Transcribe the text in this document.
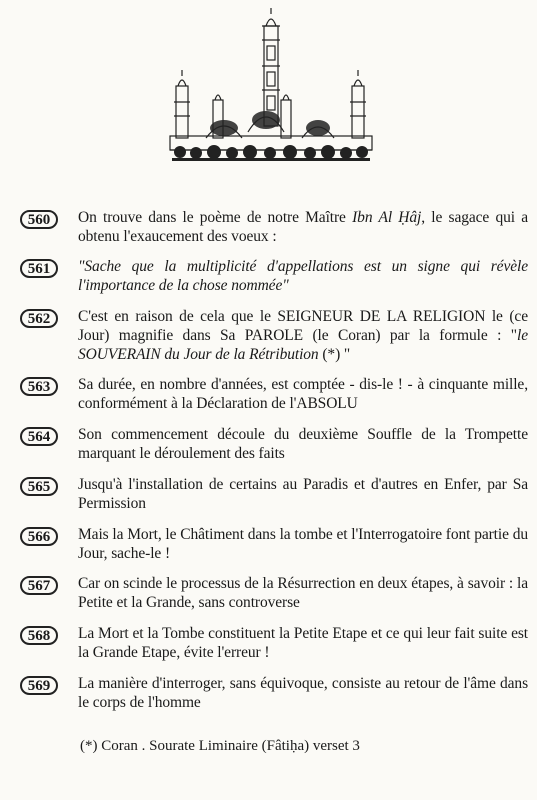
560	On trouve dans le poème de notre Maître Ibn Al Ḥâj, le sagace qui a obtenu l'exaucement des voeux :
561	"Sache que la multiplicité d'appellations est un signe qui révèle l'importance de la chose nommée"
562	C'est en raison de cela que le SEIGNEUR DE LA RELIGION le (ce Jour) magnifie dans Sa PAROLE (le Coran) par la formule : "le SOUVERAIN du Jour de la Rétribution (*) "
563	Sa durée, en nombre d'années, est comptée - dis-le ! - à cinquante mille, conformément à la Déclaration de l'ABSOLU
564	Son commencement découle du deuxième Souffle de la Trompette marquant le déroulement des faits
565	Jusqu'à l'installation de certains au Paradis et d'autres en Enfer, par Sa Permission
566	Mais la Mort, le Châtiment dans la tombe et l'Interrogatoire font partie du Jour, sache-le !
567	Car on scinde le processus de la Résurrection en deux étapes, à savoir : la Petite et la Grande, sans controverse
568	La Mort et la Tombe constituent la Petite Etape et ce qui leur fait suite est la Grande Etape, évite l'erreur !
569	La manière d'interroger, sans équivoque, consiste au retour de l'âme dans le corps de l'homme
(*) Coran . Sourate Liminaire (Fâtiḥa) verset 3
